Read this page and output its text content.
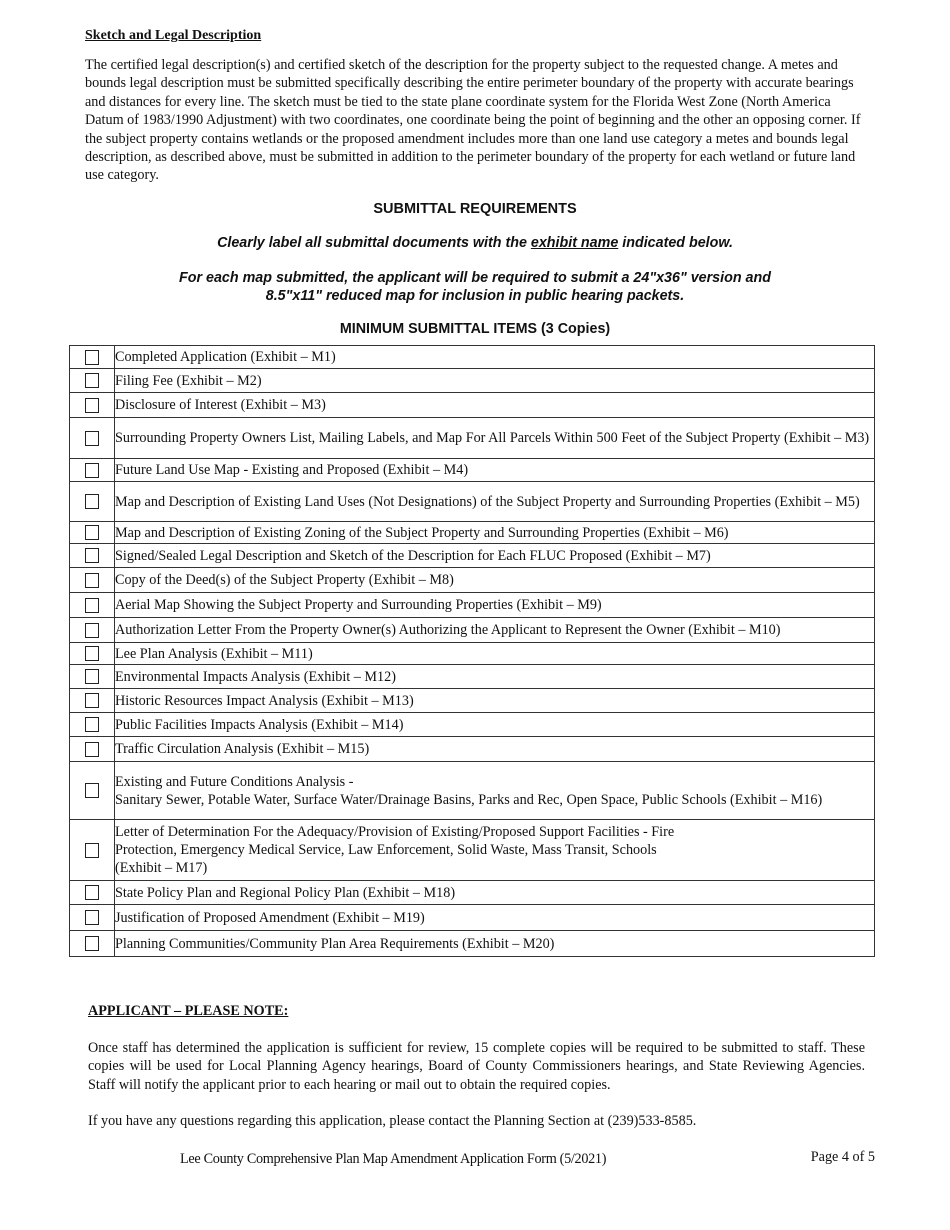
Sketch and Legal Description

The certified legal description(s) and certified sketch of the description for the property subject to the requested change. A metes and bounds legal description must be submitted specifically describing the entire perimeter boundary of the property with accurate bearings and distances for every line. The sketch must be tied to the state plane coordinate system for the Florida West Zone (North America Datum of 1983/1990 Adjustment) with two coordinates, one coordinate being the point of beginning and the other an opposing corner. If the subject property contains wetlands or the proposed amendment includes more than one land use category a metes and bounds legal description, as described above, must be submitted in addition to the perimeter boundary of the property for each wetland or future land use category.

SUBMITTAL REQUIREMENTS
Clearly label all submittal documents with the exhibit name indicated below.
For each map submitted, the applicant will be required to submit a 24"x36" version and
8.5"x11" reduced map for inclusion in public hearing packets.
MINIMUM SUBMITTAL ITEMS (3 Copies)

	Completed Application (Exhibit – M1)

	Filing Fee (Exhibit – M2)

	Disclosure of Interest (Exhibit – M3)

	Surrounding Property Owners List, Mailing Labels, and Map For All Parcels Within 500 Feet of the Subject Property (Exhibit – M3)

	Future Land Use Map - Existing and Proposed (Exhibit – M4)

	Map and Description of Existing Land Uses (Not Designations) of the Subject Property and Surrounding Properties (Exhibit – M5)

	Map and Description of Existing Zoning of the Subject Property and Surrounding Properties (Exhibit – M6)

	Signed/Sealed Legal Description and Sketch of the Description for Each FLUC Proposed (Exhibit – M7)

	Copy of the Deed(s) of the Subject Property (Exhibit – M8)

	Aerial Map Showing the Subject Property and Surrounding Properties (Exhibit – M9)

	Authorization Letter From the Property Owner(s) Authorizing the Applicant to Represent the Owner (Exhibit – M10)

	Lee Plan Analysis (Exhibit – M11)

	Environmental Impacts Analysis (Exhibit – M12)

	Historic Resources Impact Analysis (Exhibit – M13)

	Public Facilities Impacts Analysis (Exhibit – M14)

	Traffic Circulation Analysis (Exhibit – M15)

	Existing and Future Conditions Analysis -
Sanitary Sewer, Potable Water, Surface Water/Drainage Basins, Parks and Rec, Open Space, Public Schools (Exhibit – M16)

	Letter of Determination For the Adequacy/Provision of Existing/Proposed Support Facilities - Fire
Protection, Emergency Medical Service, Law Enforcement, Solid Waste, Mass Transit, Schools
(Exhibit – M17)

	State Policy Plan and Regional Policy Plan (Exhibit – M18)

	Justification of Proposed Amendment (Exhibit – M19)

	Planning Communities/Community Plan Area Requirements (Exhibit – M20)
APPLICANT – PLEASE NOTE:

Once staff has determined the application is sufficient for review, 15 complete copies will be required to be submitted to staff. These copies will be used for Local Planning Agency hearings, Board of County Commissioners hearings, and State Reviewing Agencies. Staff will notify the applicant prior to each hearing or mail out to obtain the required copies.

If you have any questions regarding this application, please contact the Planning Section at (239)533-8585.

Lee County Comprehensive Plan Map Amendment Application Form (5/2021)	Page 4 of 5
